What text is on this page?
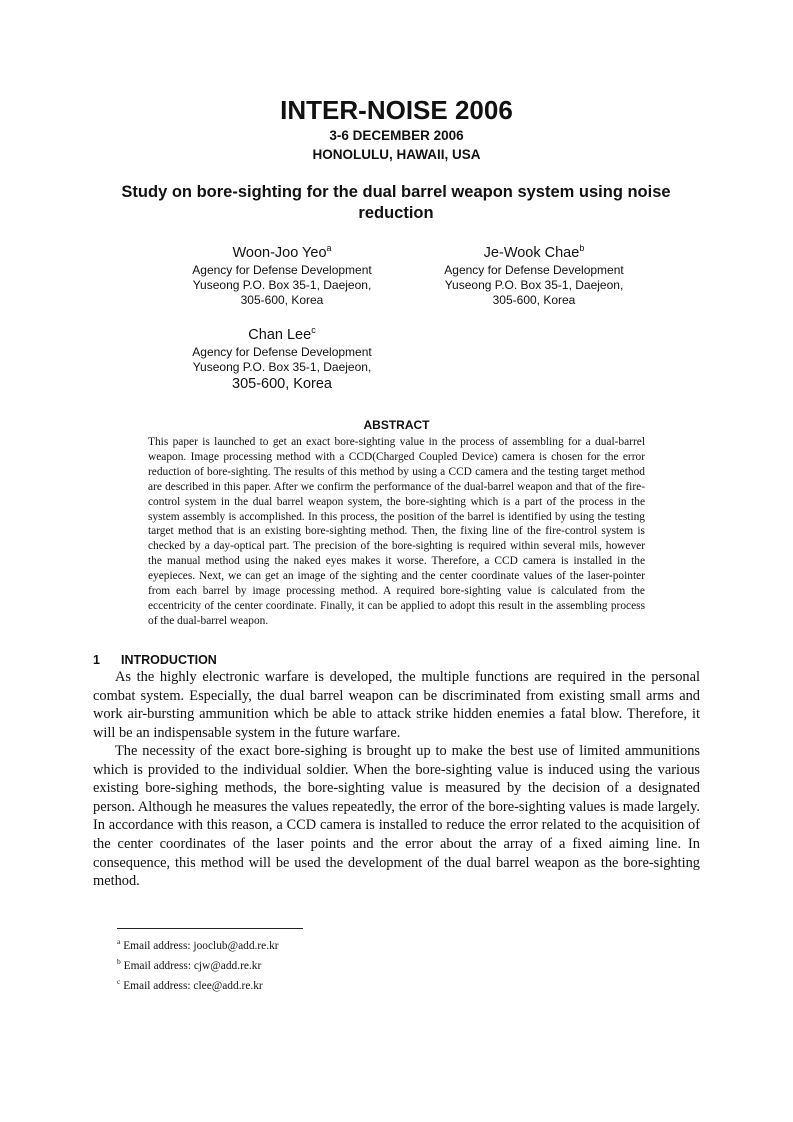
INTER-NOISE 2006
3-6 DECEMBER 2006
HONOLULU, HAWAII, USA
Study on bore-sighting for the dual barrel weapon system using noise reduction
Woon-Joo Yeo$^a$
Agency for Defense Development
Yuseong P.O. Box 35-1, Daejeon,
305-600, Korea
Je-Wook Chae$^b$
Agency for Defense Development
Yuseong P.O. Box 35-1, Daejeon,
305-600, Korea
Chan Lee$^c$
Agency for Defense Development
Yuseong P.O. Box 35-1, Daejeon,
305-600, Korea
ABSTRACT
This paper is launched to get an exact bore-sighting value in the process of assembling for a dual-barrel weapon. Image processing method with a CCD(Charged Coupled Device) camera is chosen for the error reduction of bore-sighting. The results of this method by using a CCD camera and the testing target method are described in this paper. After we confirm the performance of the dual-barrel weapon and that of the fire-control system in the dual barrel weapon system, the bore-sighting which is a part of the process in the system assembly is accomplished. In this process, the position of the barrel is identified by using the testing target method that is an existing bore-sighting method. Then, the fixing line of the fire-control system is checked by a day-optical part. The precision of the bore-sighting is required within several mils, however the manual method using the naked eyes makes it worse. Therefore, a CCD camera is installed in the eyepieces. Next, we can get an image of the sighting and the center coordinate values of the laser-pointer from each barrel by image processing method. A required bore-sighting value is calculated from the eccentricity of the center coordinate. Finally, it can be applied to adopt this result in the assembling process of the dual-barrel weapon.
1 INTRODUCTION
As the highly electronic warfare is developed, the multiple functions are required in the personal combat system. Especially, the dual barrel weapon can be discriminated from existing small arms and work air-bursting ammunition which be able to attack strike hidden enemies a fatal blow. Therefore, it will be an indispensable system in the future warfare.
The necessity of the exact bore-sighing is brought up to make the best use of limited ammunitions which is provided to the individual soldier. When the bore-sighting value is induced using the various existing bore-sighing methods, the bore-sighting value is measured by the decision of a designated person. Although he measures the values repeatedly, the error of the bore-sighting values is made largely. In accordance with this reason, a CCD camera is installed to reduce the error related to the acquisition of the center coordinates of the laser points and the error about the array of a fixed aiming line. In consequence, this method will be used the development of the dual barrel weapon as the bore-sighting method.
$^a$ Email address: jooclub@add.re.kr
$^b$ Email address: cjw@add.re.kr
$^c$ Email address: clee@add.re.kr
